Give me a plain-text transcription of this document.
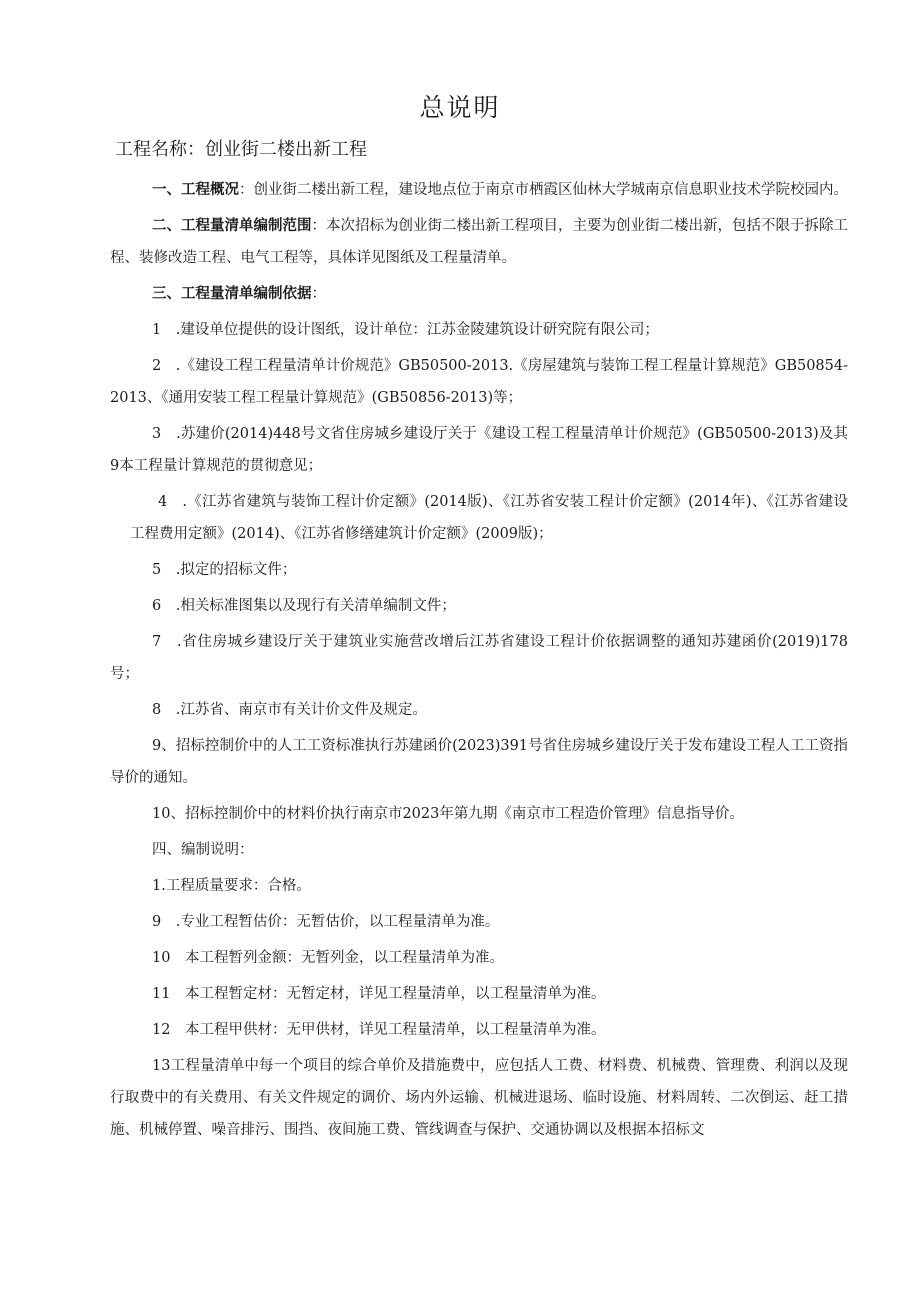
总说明
工程名称：创业街二楼出新工程

一、工程概况：创业街二楼出新工程，建设地点位于南京市栖霞区仙林大学城南京信息职业技术学院校园内。

二、工程量清单编制范围：本次招标为创业街二楼出新工程项目，主要为创业街二楼出新，包括不限于拆除工程、装修改造工程、电气工程等，具体详见图纸及工程量清单。

三、工程量清单编制依据：

1　.建设单位提供的设计图纸，设计单位：江苏金陵建筑设计研究院有限公司；

2　.《建设工程工程量清单计价规范》GB50500-2013.《房屋建筑与装饰工程工程量计算规范》GB50854-2013、《通用安装工程工程量计算规范》(GB50856-2013)等；

3　.苏建价(2014)448号文省住房城乡建设厅关于《建设工程工程量清单计价规范》(GB50500-2013)及其9本工程量计算规范的贯彻意见；

4　.《江苏省建筑与装饰工程计价定额》(2014版)、《江苏省安装工程计价定额》(2014年)、《江苏省建设工程费用定额》(2014)、《江苏省修缮建筑计价定额》(2009版)；

5　.拟定的招标文件；

6　.相关标准图集以及现行有关清单编制文件；

7　.省住房城乡建设厅关于建筑业实施营改增后江苏省建设工程计价依据调整的通知苏建函价(2019)178号；

8　.江苏省、南京市有关计价文件及规定。

9、招标控制价中的人工工资标准执行苏建函价(2023)391号省住房城乡建设厅关于发布建设工程人工工资指导价的通知。

10、招标控制价中的材料价执行南京市2023年第九期《南京市工程造价管理》信息指导价。

四、编制说明：

1.工程质量要求：合格。

9　.专业工程暂估价：无暂估价，以工程量清单为准。

10　本工程暂列金额：无暂列金，以工程量清单为准。

11　本工程暂定材：无暂定材，详见工程量清单，以工程量清单为准。

12　本工程甲供材：无甲供材，详见工程量清单，以工程量清单为准。

13工程量清单中每一个项目的综合单价及措施费中，应包括人工费、材料费、机械费、管理费、利润以及现行取费中的有关费用、有关文件规定的调价、场内外运输、机械进退场、临时设施、材料周转、二次倒运、赶工措施、机械停置、噪音排污、围挡、夜间施工费、管线调查与保护、交通协调以及根据本招标文
